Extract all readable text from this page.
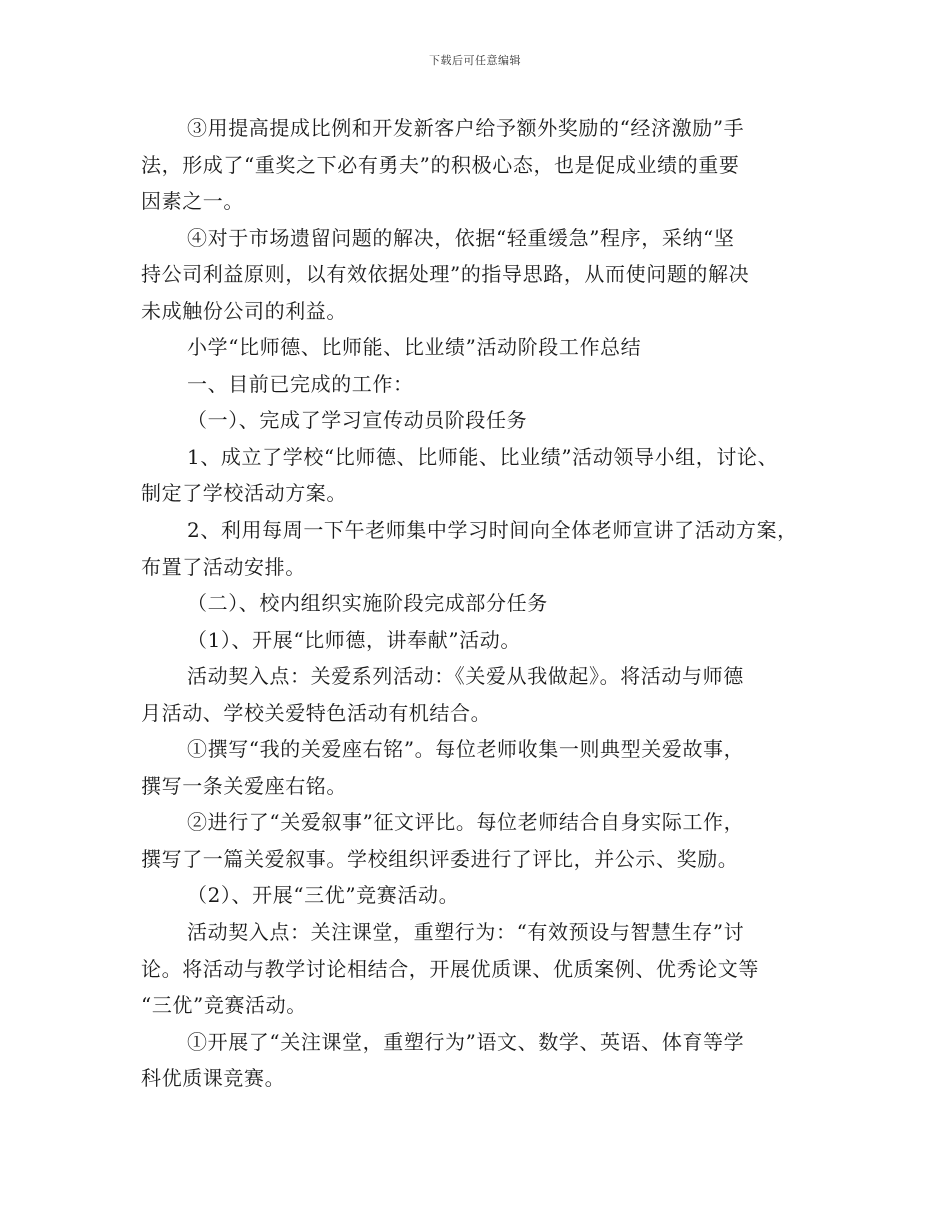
下载后可任意编辑
③用提高提成比例和开发新客户给予额外奖励的“经济激励”手
法，形成了“重奖之下必有勇夫”的积极心态，也是促成业绩的重要
因素之一。
④对于市场遗留问题的解决，依据“轻重缓急”程序，采纳“坚
持公司利益原则，以有效依据处理”的指导思路，从而使问题的解决
未成触份公司的利益。
小学“比师德、比师能、比业绩”活动阶段工作总结
一、目前已完成的工作：
（一）、完成了学习宣传动员阶段任务
1、成立了学校“比师德、比师能、比业绩”活动领导小组，讨论、
制定了学校活动方案。
2、利用每周一下午老师集中学习时间向全体老师宣讲了活动方案，
布置了活动安排。
（二）、校内组织实施阶段完成部分任务
（1）、开展“比师德，讲奉献”活动。
活动契入点：关爱系列活动：《关爱从我做起》。将活动与师德
月活动、学校关爱特色活动有机结合。
①撰写“我的关爱座右铭”。每位老师收集一则典型关爱故事，
撰写一条关爱座右铭。
②进行了“关爱叙事”征文评比。每位老师结合自身实际工作，
撰写了一篇关爱叙事。学校组织评委进行了评比，并公示、奖励。
（2）、开展“三优”竞赛活动。
活动契入点：关注课堂，重塑行为：“有效预设与智慧生存”讨
论。将活动与教学讨论相结合，开展优质课、优质案例、优秀论文等
“三优”竞赛活动。
①开展了“关注课堂，重塑行为”语文、数学、英语、体育等学
科优质课竞赛。
